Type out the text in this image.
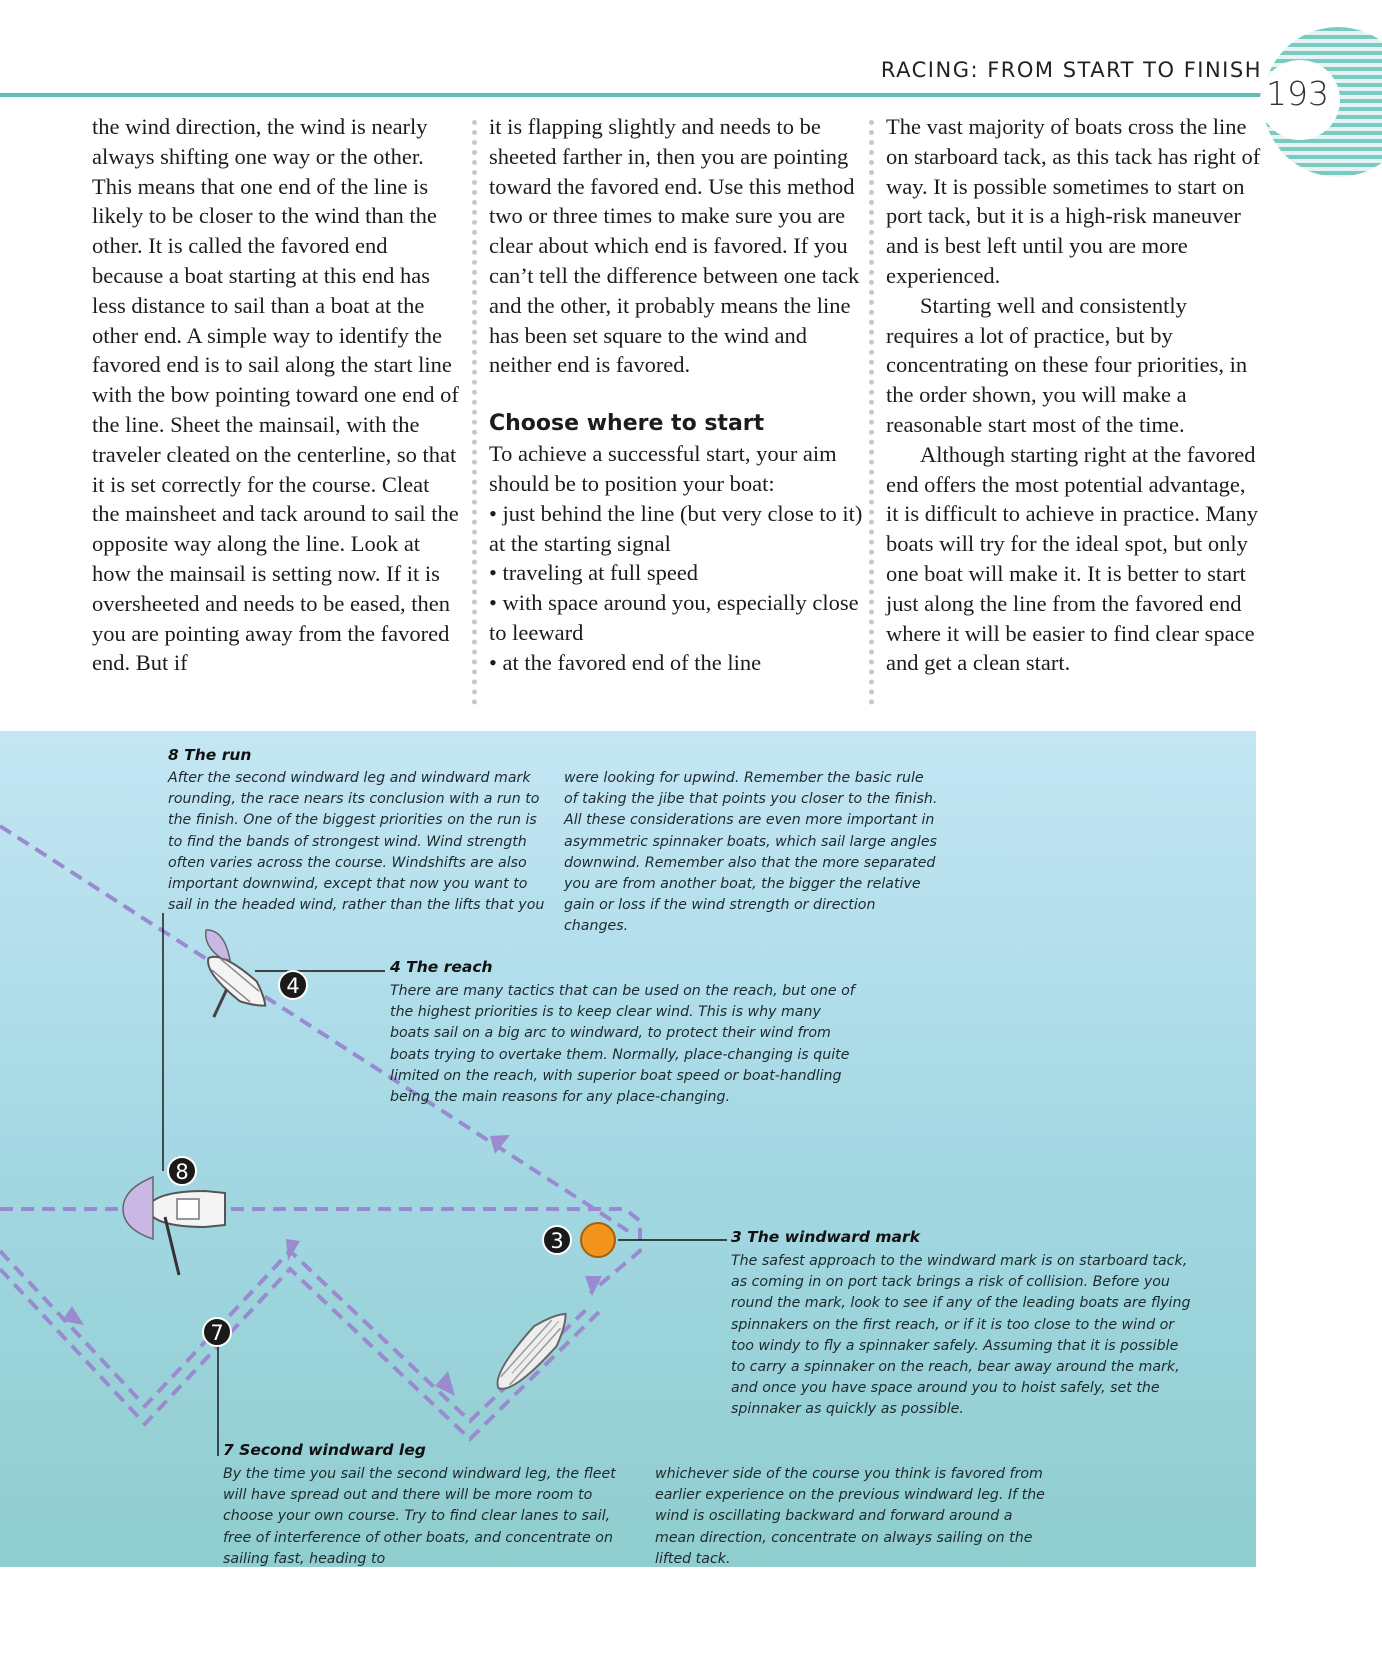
RACING: FROM START TO FINISH
193

the wind direction, the wind is nearly always shifting one way or the other. This means that one end of the line is likely to be closer to the wind than the other. It is called the favored end because a boat starting at this end has less distance to sail than a boat at the other end. A simple way to identify the favored end is to sail along the start line with the bow pointing toward one end of the line. Sheet the mainsail, with the traveler cleated on the centerline, so that it is set correctly for the course. Cleat the mainsheet and tack around to sail the opposite way along the line. Look at how the mainsail is setting now. If it is oversheeted and needs to be eased, then you are pointing away from the favored end. But if

it is flapping slightly and needs to be sheeted farther in, then you are pointing toward the favored end. Use this method two or three times to make sure you are clear about which end is favored. If you can’t tell the difference between one tack and the other, it probably means the line has been set square to the wind and neither end is favored.

Choose where to start

To achieve a successful start, your aim should be to position your boat:

• just behind the line (but very close to it) at the starting signal

• traveling at full speed

• with space around you, especially close to leeward

• at the favored end of the line

The vast majority of boats cross the line on starboard tack, as this tack has right of way. It is possible sometimes to start on port tack, but it is a high-risk maneuver and is best left until you are more experienced.

Starting well and consistently requires a lot of practice, but by concentrating on these four priorities, in the order shown, you will make a reasonable start most of the time.

Although starting right at the favored end offers the most potential advantage, it is difficult to achieve in practice. Many boats will try for the ideal spot, but only one boat will make it. It is better to start just along the line from the favored end where it will be easier to find clear space and get a clean start.

4
8
3
7
8 The run

After the second windward leg and windward mark rounding, the race nears its conclusion with a run to the finish. One of the biggest priorities on the run is to find the bands of strongest wind. Wind strength often varies across the course. Windshifts are also important downwind, except that now you want to sail in the headed wind, rather than the lifts that you

were looking for upwind. Remember the basic rule of taking the jibe that points you closer to the finish. All these considerations are even more important in asymmetric spinnaker boats, which sail large angles downwind. Remember also that the more separated you are from another boat, the bigger the relative gain or loss if the wind strength or direction changes.

4 The reach

There are many tactics that can be used on the reach, but one of the highest priorities is to keep clear wind. This is why many boats sail on a big arc to windward, to protect their wind from boats trying to overtake them. Normally, place-changing is quite limited on the reach, with superior boat speed or boat-handling being the main reasons for any place-changing.

3 The windward mark

The safest approach to the windward mark is on starboard tack, as coming in on port tack brings a risk of collision. Before you round the mark, look to see if any of the leading boats are flying spinnakers on the first reach, or if it is too close to the wind or too windy to fly a spinnaker safely. Assuming that it is possible to carry a spinnaker on the reach, bear away around the mark, and once you have space around you to hoist safely, set the spinnaker as quickly as possible.

7 Second windward leg

By the time you sail the second windward leg, the fleet will have spread out and there will be more room to choose your own course. Try to find clear lanes to sail, free of interference of other boats, and concentrate on sailing fast, heading to

whichever side of the course you think is favored from earlier experience on the previous windward leg. If the wind is oscillating backward and forward around a mean direction, concentrate on always sailing on the lifted tack.
